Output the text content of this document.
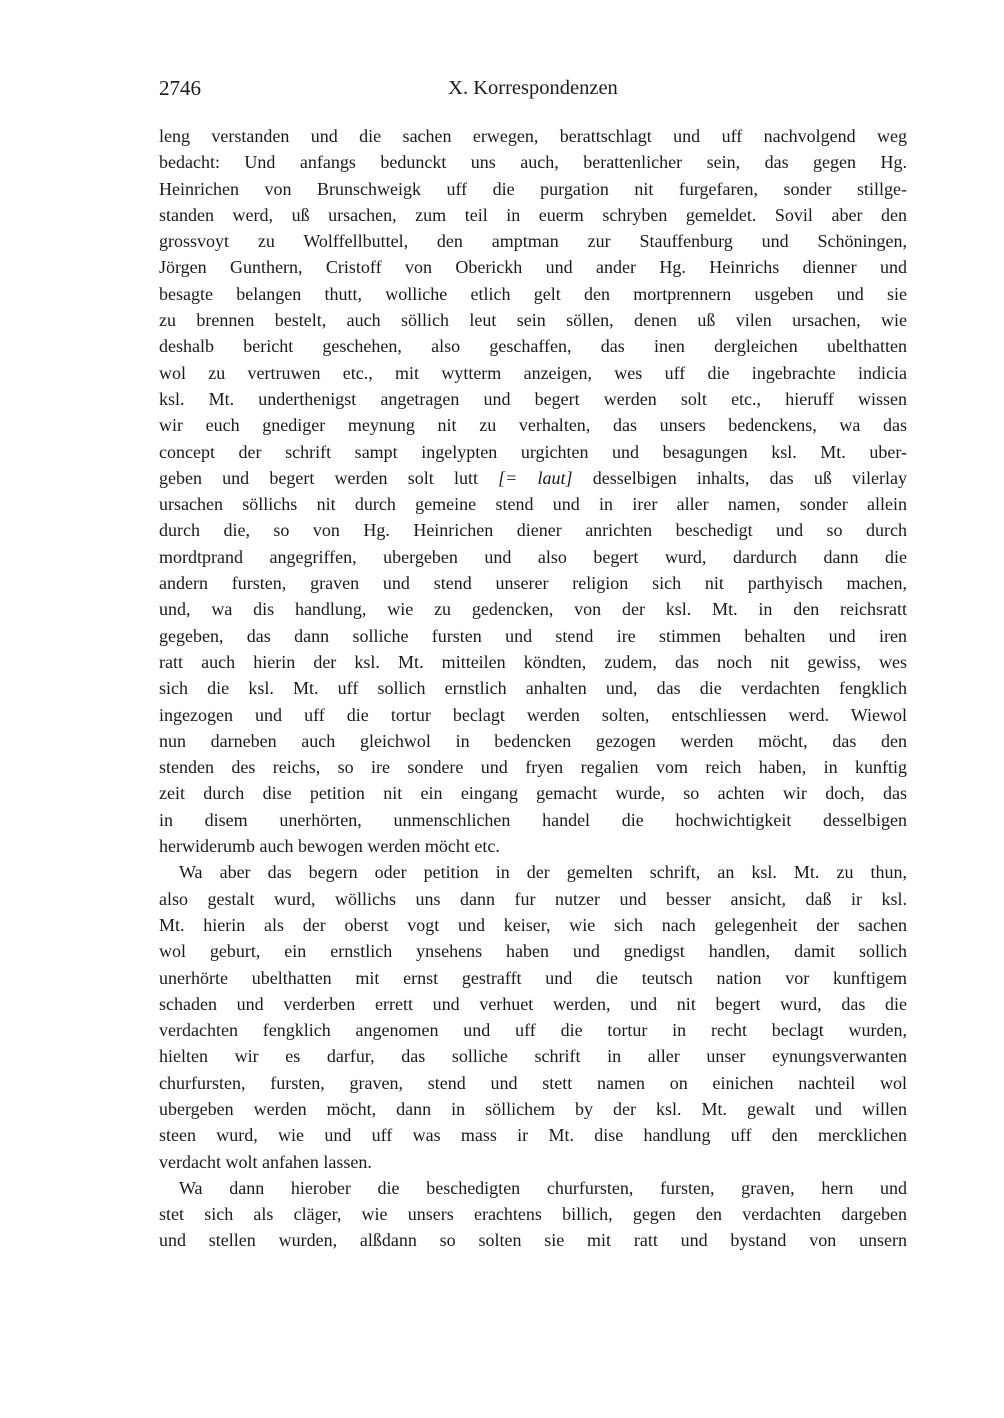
2746	X. Korrespondenzen
leng verstanden und die sachen erwegen, berattschlagt und uff nachvolgend weg
bedacht: Und anfangs bedunckt uns auch, berattenlicher sein, das gegen Hg.
Heinrichen von Brunschweigk uff die purgation nit furgefaren, sonder stillge-
standen werd, uß ursachen, zum teil in euerm schryben gemeldet. Sovil aber den
grossvoyt zu Wolffellbuttel, den amptman zur Stauffenburg und Schöningen,
Jörgen Gunthern, Cristoff von Oberickh und ander Hg. Heinrichs dienner und
besagte belangen thutt, wolliche etlich gelt den mortprennern usgeben und sie
zu brennen bestelt, auch söllich leut sein söllen, denen uß vilen ursachen, wie
deshalb bericht geschehen, also geschaffen, das inen dergleichen ubelthatten
wol zu vertruwen etc., mit wytterm anzeigen, wes uff die ingebrachte indicia
ksl. Mt. underthenigst angetragen und begert werden solt etc., hieruff wissen
wir euch gnediger meynung nit zu verhalten, das unsers bedenckens, wa das
concept der schrift sampt ingelypten urgichten und besagungen ksl. Mt. uber-
geben und begert werden solt lutt [= laut] desselbigen inhalts, das uß vilerlay
ursachen söllichs nit durch gemeine stend und in irer aller namen, sonder allein
durch die, so von Hg. Heinrichen diener anrichten beschedigt und so durch
mordtprand angegriffen, ubergeben und also begert wurd, dardurch dann die
andern fursten, graven und stend unserer religion sich nit parthyisch machen,
und, wa dis handlung, wie zu gedencken, von der ksl. Mt. in den reichsratt
gegeben, das dann solliche fursten und stend ire stimmen behalten und iren
ratt auch hierin der ksl. Mt. mitteilen köndten, zudem, das noch nit gewiss, wes
sich die ksl. Mt. uff sollich ernstlich anhalten und, das die verdachten fengklich
ingezogen und uff die tortur beclagt werden solten, entschliessen werd. Wiewol
nun darneben auch gleichwol in bedencken gezogen werden möcht, das den
stenden des reichs, so ire sondere und fryen regalien vom reich haben, in kunftig
zeit durch dise petition nit ein eingang gemacht wurde, so achten wir doch, das
in disem unerhörten, unmenschlichen handel die hochwichtigkeit desselbigen
herwiderumb auch bewogen werden möcht etc.
Wa aber das begern oder petition in der gemelten schrift, an ksl. Mt. zu thun,
also gestalt wurd, wöllichs uns dann fur nutzer und besser ansicht, daß ir ksl.
Mt. hierin als der oberst vogt und keiser, wie sich nach gelegenheit der sachen
wol geburt, ein ernstlich ynsehens haben und gnedigst handlen, damit sollich
unerhörte ubelthatten mit ernst gestrafft und die teutsch nation vor kunftigem
schaden und verderben errett und verhuet werden, und nit begert wurd, das die
verdachten fengklich angenomen und uff die tortur in recht beclagt wurden,
hielten wir es darfur, das solliche schrift in aller unser eynungsverwanten
churfursten, fursten, graven, stend und stett namen on einichen nachteil wol
ubergeben werden möcht, dann in söllichem by der ksl. Mt. gewalt und willen
steen wurd, wie und uff was mass ir Mt. dise handlung uff den mercklichen
verdacht wolt anfahen lassen.
Wa dann hierober die beschedigten churfursten, fursten, graven, hern und
stet sich als cläger, wie unsers erachtens billich, gegen den verdachten dargeben
und stellen wurden, alßdann so solten sie mit ratt und bystand von unsern
